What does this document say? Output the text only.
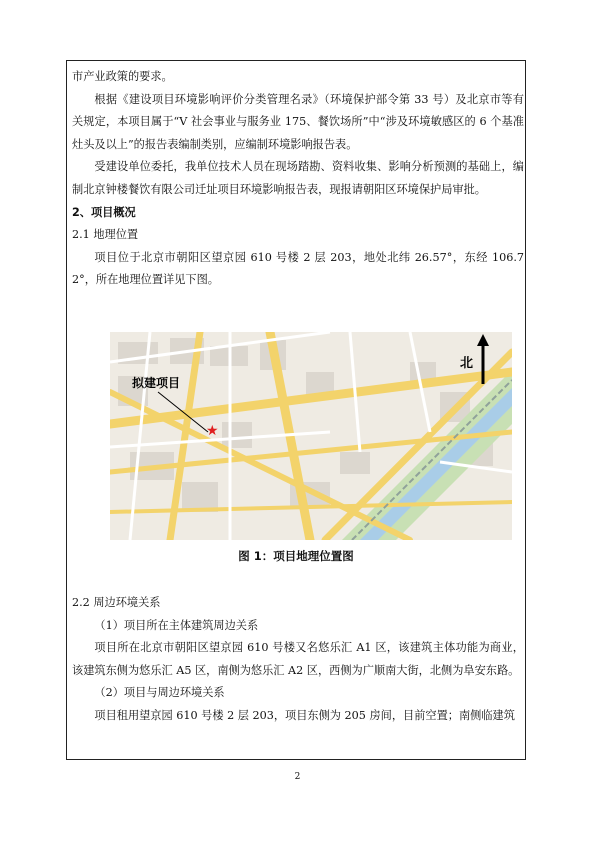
市产业政策的要求。

根据《建设项目环境影响评价分类管理名录》（环境保护部令第 33 号）及北京市等有关规定，本项目属于“V 社会事业与服务业 175、餐饮场所”中“涉及环境敏感区的 6 个基准灶头及以上”的报告表编制类别，应编制环境影响报告表。

受建设单位委托，我单位技术人员在现场踏勘、资料收集、影响分析预测的基础上，编制北京钟楼餐饮有限公司迁址项目环境影响报告表，现报请朝阳区环境保护局审批。

2、项目概况

2.1 地理位置

项目位于北京市朝阳区望京园 610 号楼 2 层 203，地处北纬 26.57°，东经 106.72°，所在地理位置详见下图。

拟建项目
★
北
图 1：项目地理位置图

2.2 周边环境关系

（1）项目所在主体建筑周边关系

项目所在北京市朝阳区望京园 610 号楼又名悠乐汇 A1 区，该建筑主体功能为商业，该建筑东侧为悠乐汇 A5 区，南侧为悠乐汇 A2 区，西侧为广顺南大街，北侧为阜安东路。

（2）项目与周边环境关系

项目租用望京园 610 号楼 2 层 203，项目东侧为 205 房间，目前空置；南侧临建筑

2
